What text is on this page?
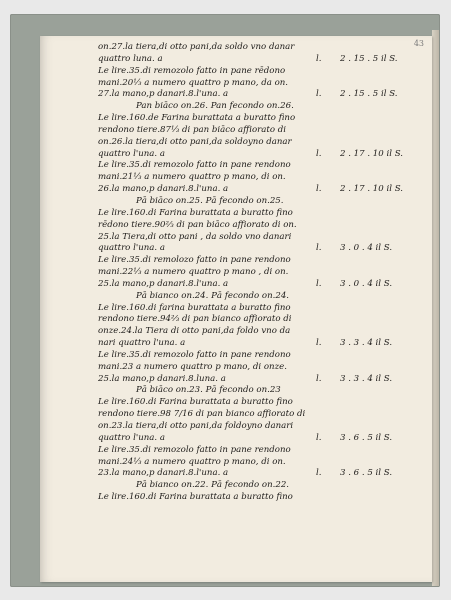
43
on.27.la tiera,di otto pani,da soldo vno danar
quattro luna. a	l. 2 . 15 . 5 il S.
Le lire.35.di remozolo fatto in pane rēdono
mani.20⅓ a numero quattro p mano, da on.
27.la mano,p danari.8.l'una. a	l. 2 . 15 . 5 il S.
Pan biāco on.26. Pan fecondo on.26.
Le lire.160.de Farina burattata a buratto fino
rendono tiere.87⅓ di pan biāco affiorato di
on.26.la tiera,di otto pani,da soldoyno danar
quattro l'una. a	l. 2 . 17 . 10 il S.
Le lire.35.di remozolo fatto in pane rendono
mani.21⅓ a numero quattro p mano, di on.
26.la mano,p danari.8.l'una. a	l. 2 . 17 . 10 il S.
Pā biāco on.25. Pā fecondo on.25.
Le lire.160.di Farina burattata a buratto fino
rēdono tiere.90⅔ di pan biāco affiorato di on.
25.la Tiera,di otto pani , da soldo vno danari
quattro l'una. a	l. 3 . 0 . 4 il S.
Le lire.35.di remolozo fatto in pane rendono
mani.22⅓ a numero quattro p mano , di on.
25.la mano,p danari.8.l'una. a	l. 3 . 0 . 4 il S.
Pā bianco on.24. Pā fecondo on.24.
Le lire.160.di farina burattata a buratto fino
rendono tiere.94⅔ di pan bianco affiorato di
onze.24.la Tiera di otto pani,da foldo vno da
nari quattro l'una. a	l. 3 . 3 . 4 il S.
Le lire.35.di remozolo fatto in pane rendono
mani.23 a numero quattro p mano, di onze.
25.la mano,p danari.8.luna. a	l. 3 . 3 . 4 il S.
Pā biāco on.23. Pā fecondo on.23
Le lire.160.di Farina burattata a buratto fino
rendono tiere.98 7/16 di pan bianco affiorato di
on.23.la tiera,di otto pani,da foldoyno danari
quattro l'una. a	l. 3 . 6 . 5 il S.
Le lire.35.di remozolo fatto in pane rendono
mani.24⅓ a numero quattro p mano, di on.
23.la mano,p danari.8.l'una. a	l. 3 . 6 . 5 il S.
Pā bianco on.22. Pā fecondo on.22.
Le lire.160.di Farina burattata a buratto fino
